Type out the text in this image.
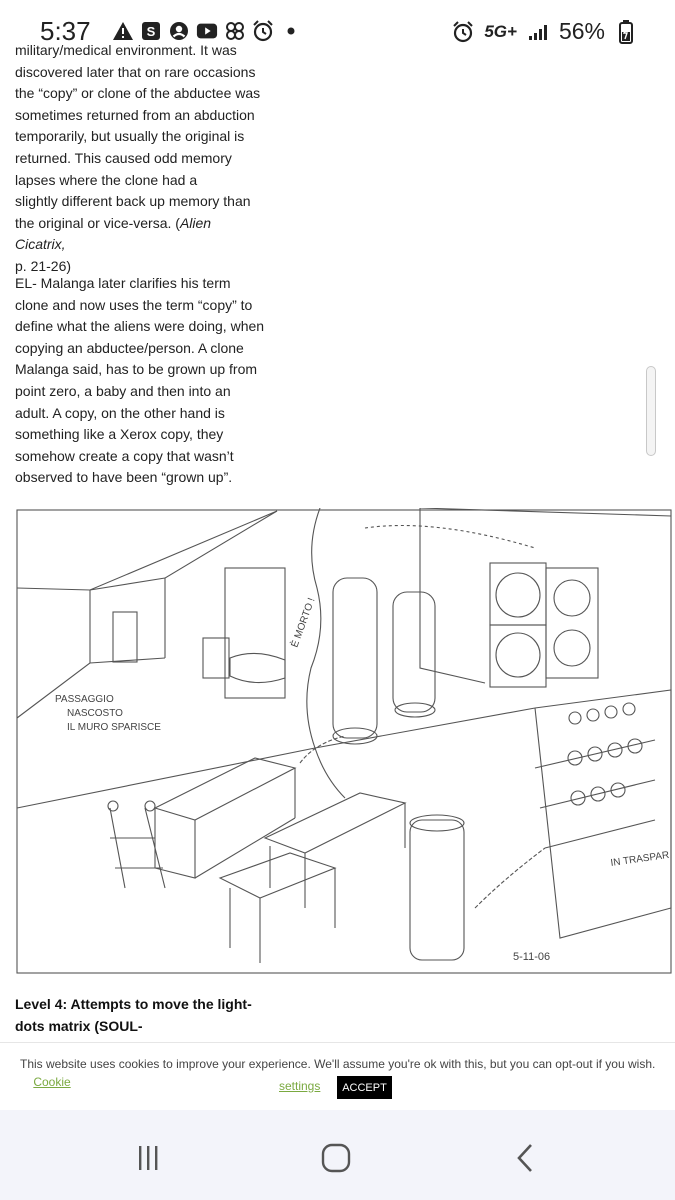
5:37	S	5G+ 56%

military/medical environment. It was
discovered later that on rare occasions
the “copy” or clone of the abductee was
sometimes returned from an abduction
temporarily, but usually the original is
returned. This caused odd memory
lapses where the clone had a
slightly different back up memory than
the original or vice-versa. (Alien Cicatrix,
p. 21-26)

EL- Malanga later clarifies his term
clone and now uses the term “copy” to
define what the aliens were doing, when
copying an abductee/person. A clone
Malanga said, has to be grown up from
point zero, a baby and then into an
adult. A copy, on the other hand is
something like a Xerox copy, they
somehow create a copy that wasn’t
observed to have been “grown up”.

PASSAGGIO
NASCOSTO
IL MURO SPARISCE
È MORTO !
IN TRASPAR
5-11-06
Level 4: Attempts to move the light-
dots matrix (SOUL-

This website uses cookies to improve your experience. We'll assume you're ok with this, but you can opt-out if you wish.  Cookie	settings	ACCEPT
